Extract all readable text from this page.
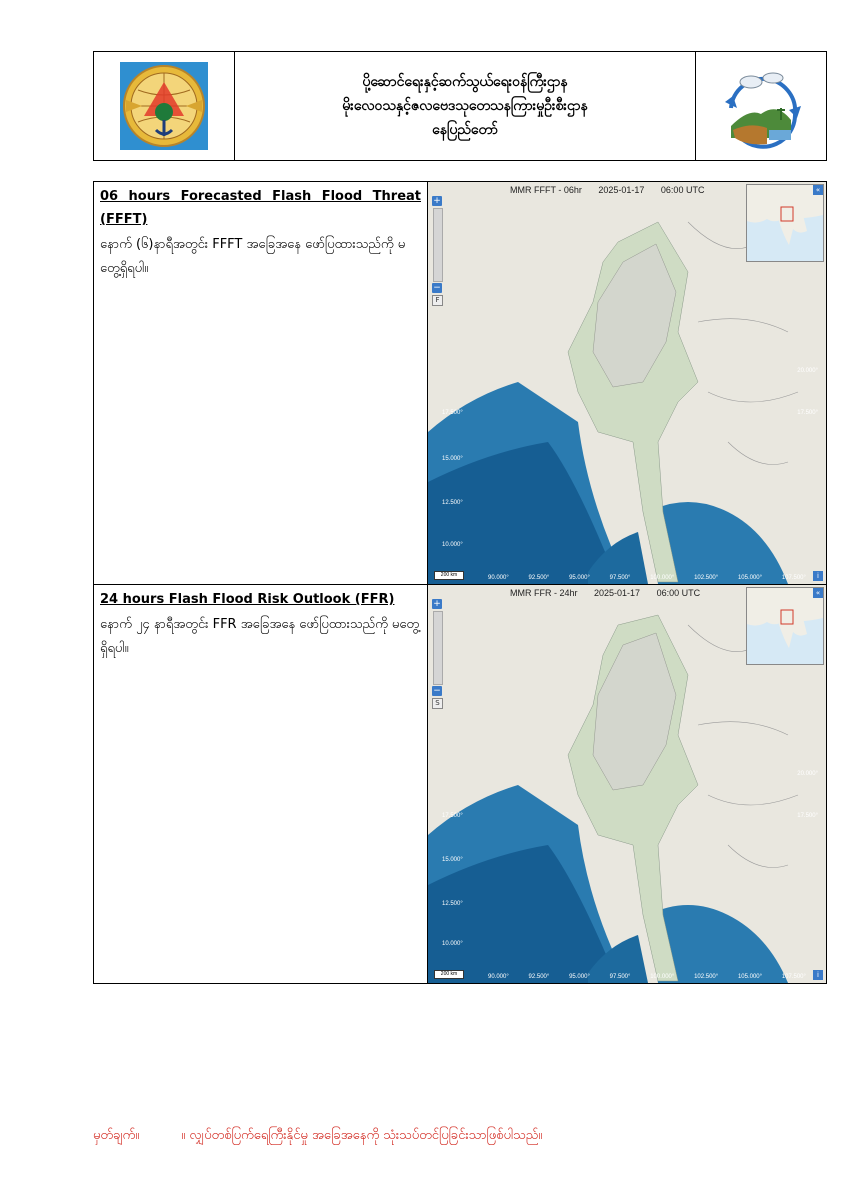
ပို့ဆောင်ရေးနှင့်ဆက်သွယ်ရေးဝန်ကြီးဌာန
မိုးလေဝသနှင့်ဇလဗေဒသုတေသနကြားမှုဦးစီးဌာန
နေပြည်တော်
06 hours Forecasted Flash Flood Threat (FFFT)
နောက် (၆)နာရီအတွင်း FFFT အခြေအနေ ဖော်ပြထားသည်ကို မတွေ့ရှိရပါ။
MMR FFFT - 06hr 2025-01-17 06:00 UTC
+
−
F
17.500°
15.000°
12.500°
10.000°
20.000°
17.500°
90.000°	92.500°	95.000°	97.500°	100.000°	102.500°	105.000°	107.500°
«
200 km	i
24 hours Flash Flood Risk Outlook (FFR)
နောက် ၂၄ နာရီအတွင်း FFR အခြေအနေ ဖော်ပြထားသည်ကို မတွေ့ရှိရပါ။
MMR FFR - 24hr 2025-01-17 06:00 UTC
+
−
S
17.500°
15.000°
12.500°
10.000°
20.000°
17.500°
90.000°	92.500°	95.000°	97.500°	100.000°	102.500°	105.000°	107.500°
«
200 km	i
မှတ်ချက်။	။ လျှပ်တစ်ပြက်ရေကြီးနိုင်မှု အခြေအနေကို သုံးသပ်တင်ပြခြင်းသာဖြစ်ပါသည်။
